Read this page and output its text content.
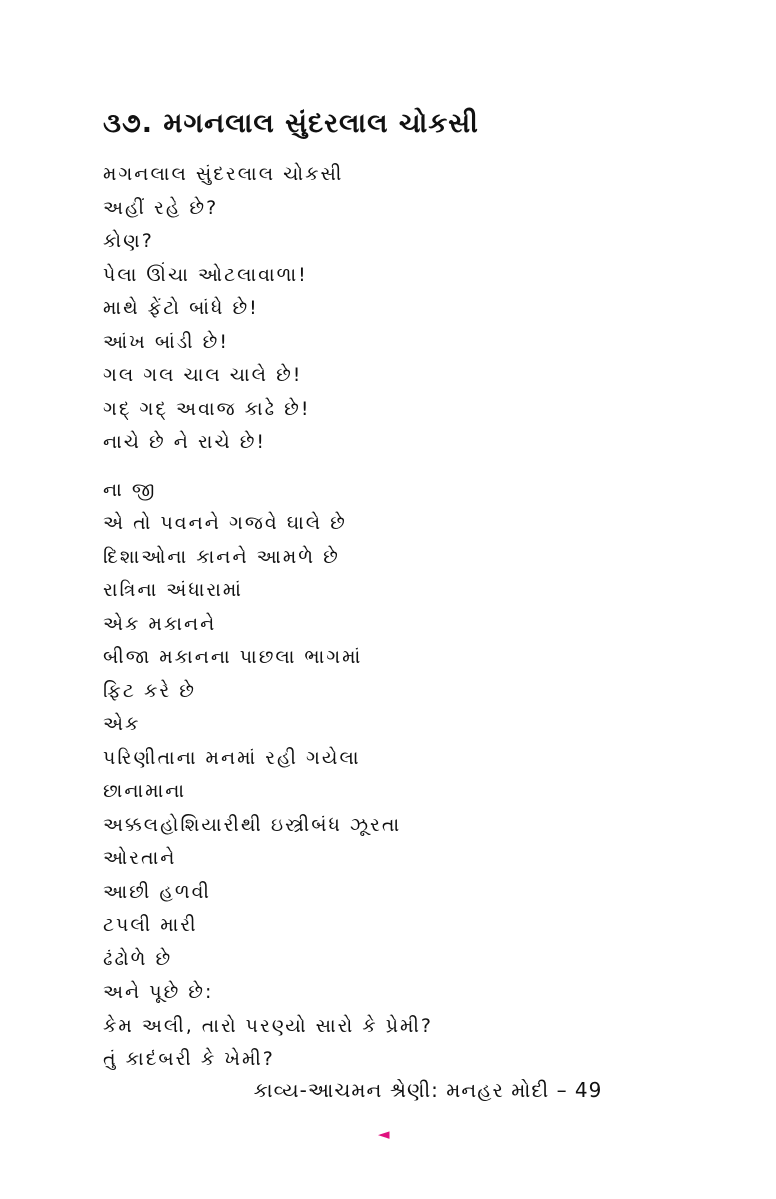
૩૭. મગનલાલ સુંદરલાલ ચોકસી
મગનલાલ સુંદરલાલ ચોકસી
અહીં રહે છે?
કોણ?
પેલા ઊંચા ઓટલાવાળા!
માથે ફેંટો બાંધે છે!
આંખ બાંડી છે!
ગલ ગલ ચાલ ચાલે છે!
ગદ્ ગદ્ અવાજ કાઢે છે!
નાચે છે ને રાચે છે!
ના જી
એ તો પવનને ગજવે ઘાલે છે
દિશાઓના કાનને આમળે છે
રાત્રિના અંધારામાં
એક મકાનને
બીજા મકાનના પાછલા ભાગમાં
ફિટ કરે છે
એક
પરિણીતાના મનમાં રહી ગયેલા
છાનામાના
અક્કલહોશિયારીથી ઇસ્ત્રીબંધ ઝૂરતા
ઓરતાને
આછી હળવી
ટપલી મારી
ઢંઢોળે છે
અને પૂછે છે:
કેમ અલી, તારો પરણ્યો સારો કે પ્રેમી?
તું કાદંબરી કે ખેમી?
કાવ્ય-આચમન શ્રેણી: મનહર મોદી – 49
◄
